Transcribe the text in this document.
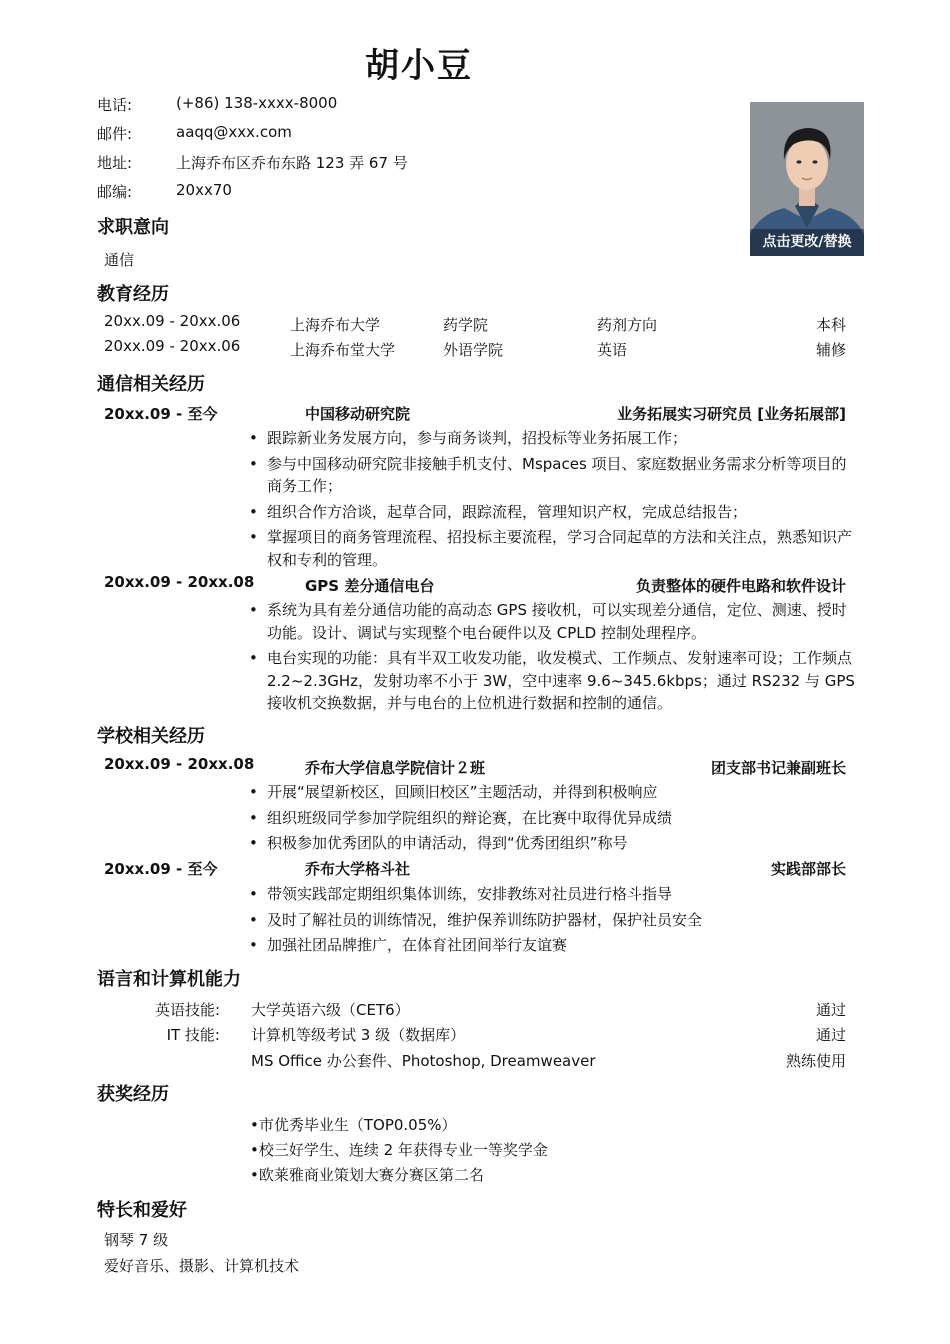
胡小豆
电话:	(+86) 138-xxxx-8000
邮件:	aaqq@xxx.com
地址:	上海乔布区乔布东路 123 弄 67 号
邮编:	20xx70
点击更改/替换
求职意向
通信
教育经历
20xx.09 - 20xx.06	上海乔布大学	药学院	药剂方向	本科
20xx.09 - 20xx.06	上海乔布堂大学	外语学院	英语	辅修
通信相关经历
20xx.09 - 至今	中国移动研究院	业务拓展实习研究员 [业务拓展部]
• 跟踪新业务发展方向，参与商务谈判，招投标等业务拓展工作；
• 参与中国移动研究院非接触手机支付、Mspaces 项目、家庭数据业务需求分析等项目的商务工作；
• 组织合作方洽谈，起草合同，跟踪流程，管理知识产权，完成总结报告；
• 掌握项目的商务管理流程、招投标主要流程，学习合同起草的方法和关注点，熟悉知识产权和专利的管理。
20xx.09 - 20xx.08	GPS 差分通信电台	负责整体的硬件电路和软件设计
• 系统为具有差分通信功能的高动态 GPS 接收机，可以实现差分通信，定位、测速、授时功能。设计、调试与实现整个电台硬件以及 CPLD 控制处理程序。
• 电台实现的功能：具有半双工收发功能，收发模式、工作频点、发射速率可设；工作频点 2.2~2.3GHz，发射功率不小于 3W，空中速率 9.6~345.6kbps；通过 RS232 与 GPS 接收机交换数据，并与电台的上位机进行数据和控制的通信。
学校相关经历
20xx.09 - 20xx.08	乔布大学信息学院信计２班	团支部书记兼副班长
• 开展“展望新校区，回顾旧校区”主题活动，并得到积极响应
• 组织班级同学参加学院组织的辩论赛，在比赛中取得优异成绩
• 积极参加优秀团队的申请活动，得到“优秀团组织”称号
20xx.09 - 至今	乔布大学格斗社	实践部部长
• 带领实践部定期组织集体训练，安排教练对社员进行格斗指导
• 及时了解社员的训练情况，维护保养训练防护器材，保护社员安全
• 加强社团品牌推广，在体育社团间举行友谊赛
语言和计算机能力
英语技能: 大学英语六级（CET6）	通过
IT 技能: 计算机等级考试 3 级（数据库）	通过
MS Office 办公套件、Photoshop, Dreamweaver	熟练使用
获奖经历
•市优秀毕业生（TOP0.05%）
•校三好学生、连续 2 年获得专业一等奖学金
•欧莱雅商业策划大赛分赛区第二名
特长和爱好
钢琴 7 级
爱好音乐、摄影、计算机技术
